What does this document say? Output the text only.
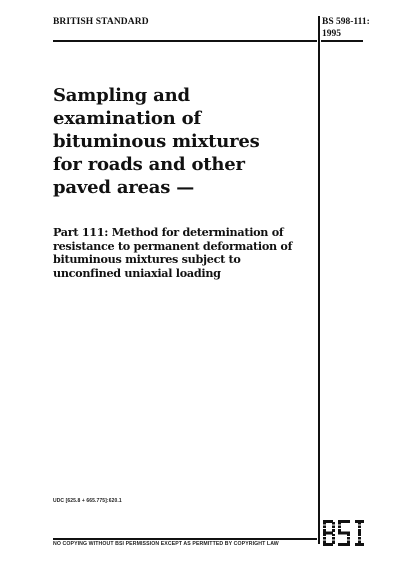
BRITISH STANDARD	BS 598-111:
1995
Sampling and
examination of
bituminous mixtures
for roads and other
paved areas —
Part 111: Method for determination of
resistance to permanent deformation of
bituminous mixtures subject to
unconfined uniaxial loading
UDC [625.8 + 665.775]:620.1
NO COPYING WITHOUT BSI PERMISSION EXCEPT AS PERMITTED BY COPYRIGHT LAW
